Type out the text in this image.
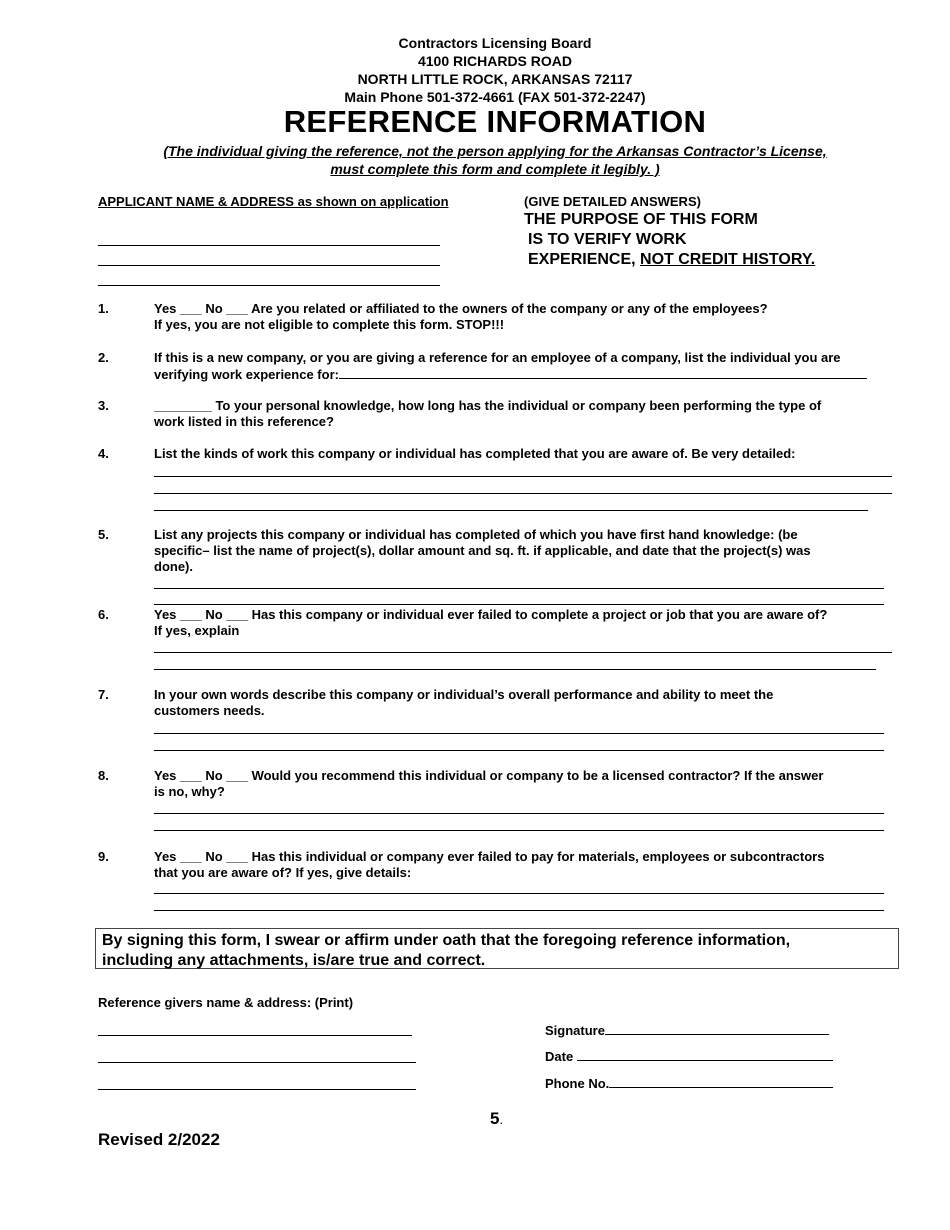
Contractors Licensing Board
4100 RICHARDS ROAD
NORTH LITTLE ROCK, ARKANSAS 72117
Main Phone 501-372-4661 (FAX 501-372-2247)
REFERENCE INFORMATION
(The individual giving the reference, not the person applying for the Arkansas Contractor’s License,
must complete this form and complete it legibly. )
APPLICANT NAME & ADDRESS as shown on application	(GIVE DETAILED ANSWERS)
THE PURPOSE OF THIS FORM
IS TO VERIFY WORK
EXPERIENCE, NOT CREDIT HISTORY.
1.	Yes ___ No ___ Are you related or affiliated to the owners of the company or any of the employees?
If yes, you are not eligible to complete this form. STOP!!!
2.	If this is a new company, or you are giving a reference for an employee of a company, list the individual you are
verifying work experience for:
3.	________ To your personal knowledge, how long has the individual or company been performing the type of
work listed in this reference?
4.	List the kinds of work this company or individual has completed that you are aware of. Be very detailed:
5.	List any projects this company or individual has completed of which you have first hand knowledge: (be
specific– list the name of project(s), dollar amount and sq. ft. if applicable, and date that the project(s) was
done).
6.	Yes ___ No ___ Has this company or individual ever failed to complete a project or job that you are aware of?
If yes, explain
7.	In your own words describe this company or individual’s overall performance and ability to meet the
customers needs.
8.	Yes ___ No ___ Would you recommend this individual or company to be a licensed contractor? If the answer
is no, why?
9.	Yes ___ No ___ Has this individual or company ever failed to pay for materials, employees or subcontractors
that you are aware of? If yes, give details:
By signing this form, I swear or affirm under oath that the foregoing reference information,
including any attachments, is/are true and correct.
Reference givers name & address: (Print)
Signature
Date
Phone No.
5.
Revised 2/2022
